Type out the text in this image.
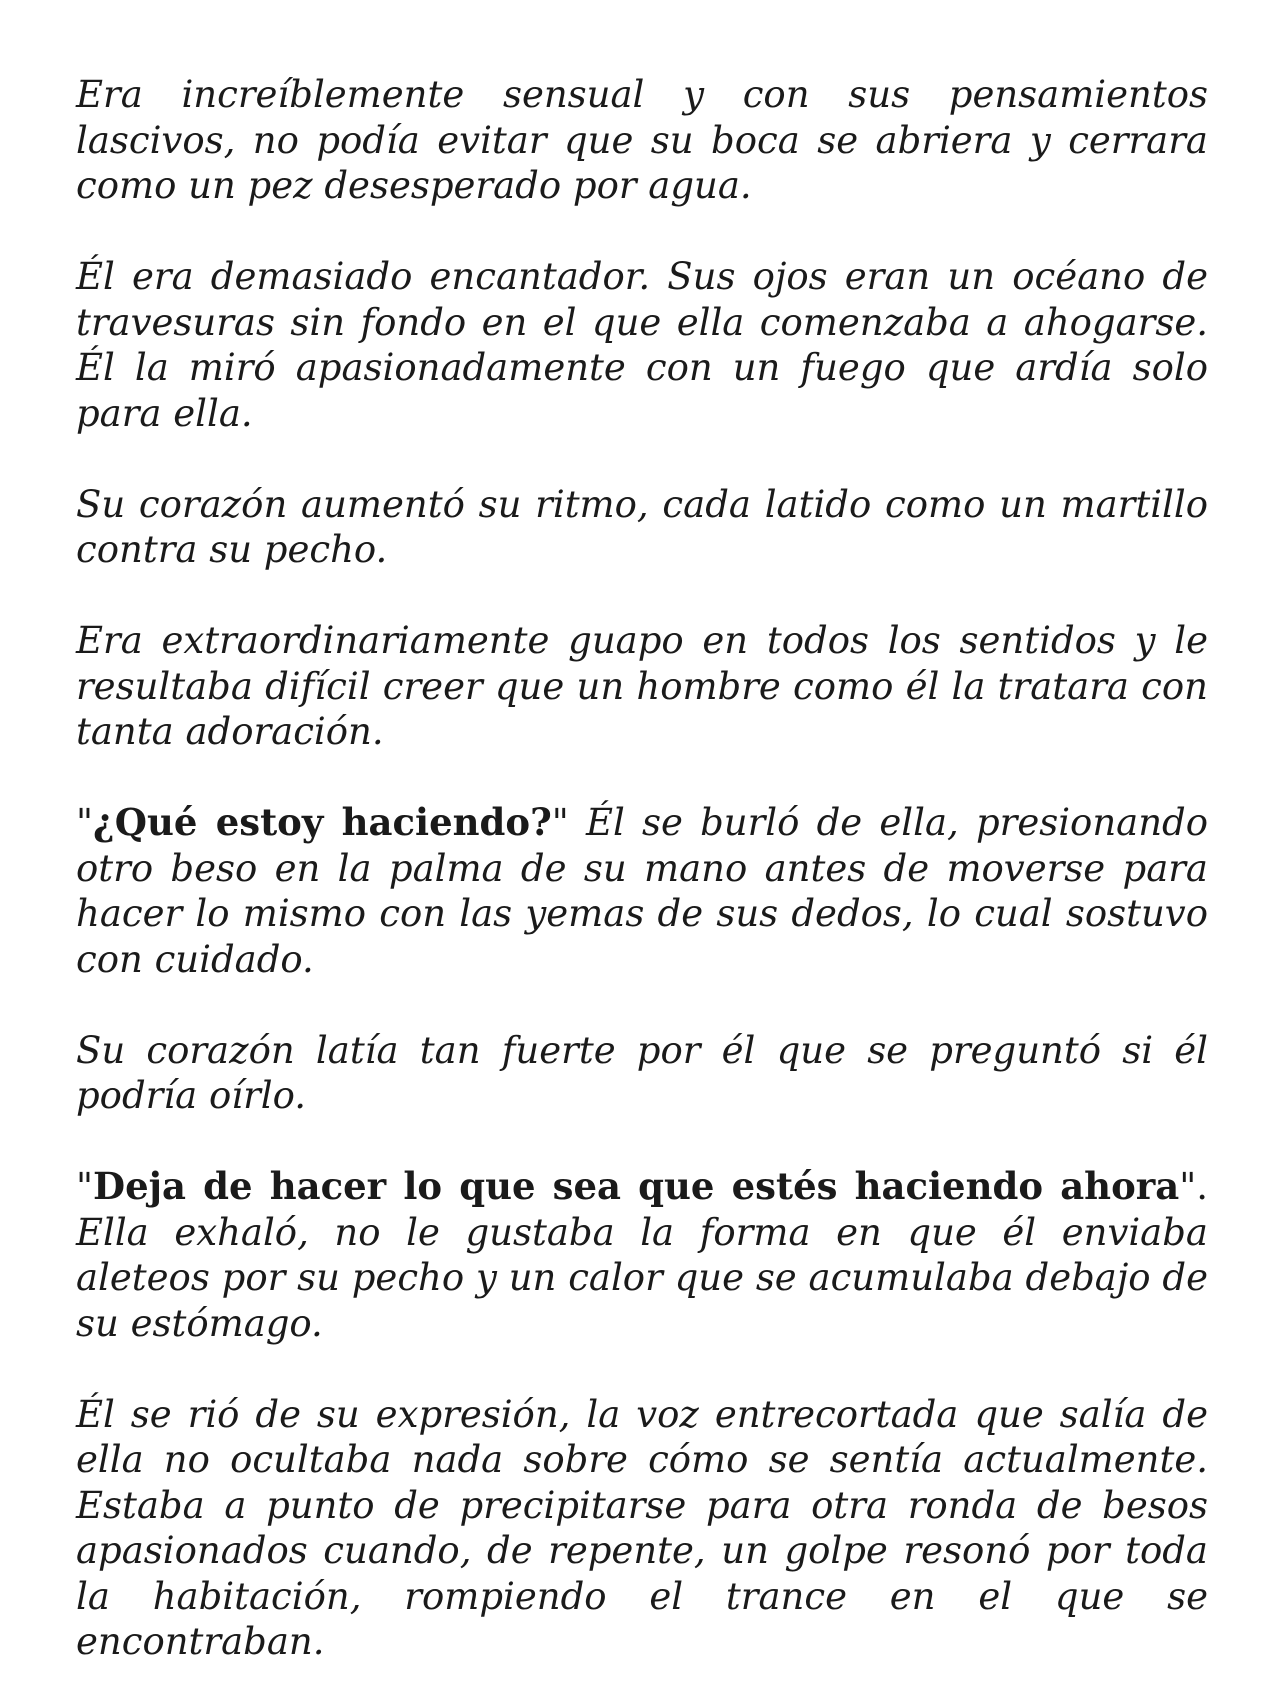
Era increíblemente sensual y con sus pensamientos lascivos, no podía evitar que su boca se abriera y cerrara como un pez desesperado por agua.

Él era demasiado encantador. Sus ojos eran un océano de travesuras sin fondo en el que ella comenzaba a ahogarse. Él la miró apasionadamente con un fuego que ardía solo para ella.

Su corazón aumentó su ritmo, cada latido como un martillo contra su pecho.

Era extraordinariamente guapo en todos los sentidos y le resultaba difícil creer que un hombre como él la tratara con tanta adoración.

"¿Qué estoy haciendo?" Él se burló de ella, presionando otro beso en la palma de su mano antes de moverse para hacer lo mismo con las yemas de sus dedos, lo cual sostuvo con cuidado.

Su corazón latía tan fuerte por él que se preguntó si él podría oírlo.

"Deja de hacer lo que sea que estés haciendo ahora". Ella exhaló, no le gustaba la forma en que él enviaba aleteos por su pecho y un calor que se acumulaba debajo de su estómago.

Él se rió de su expresión, la voz entrecortada que salía de ella no ocultaba nada sobre cómo se sentía actualmente. Estaba a punto de precipitarse para otra ronda de besos apasionados cuando, de repente, un golpe resonó por toda la habitación, rompiendo el trance en el que se encontraban.
